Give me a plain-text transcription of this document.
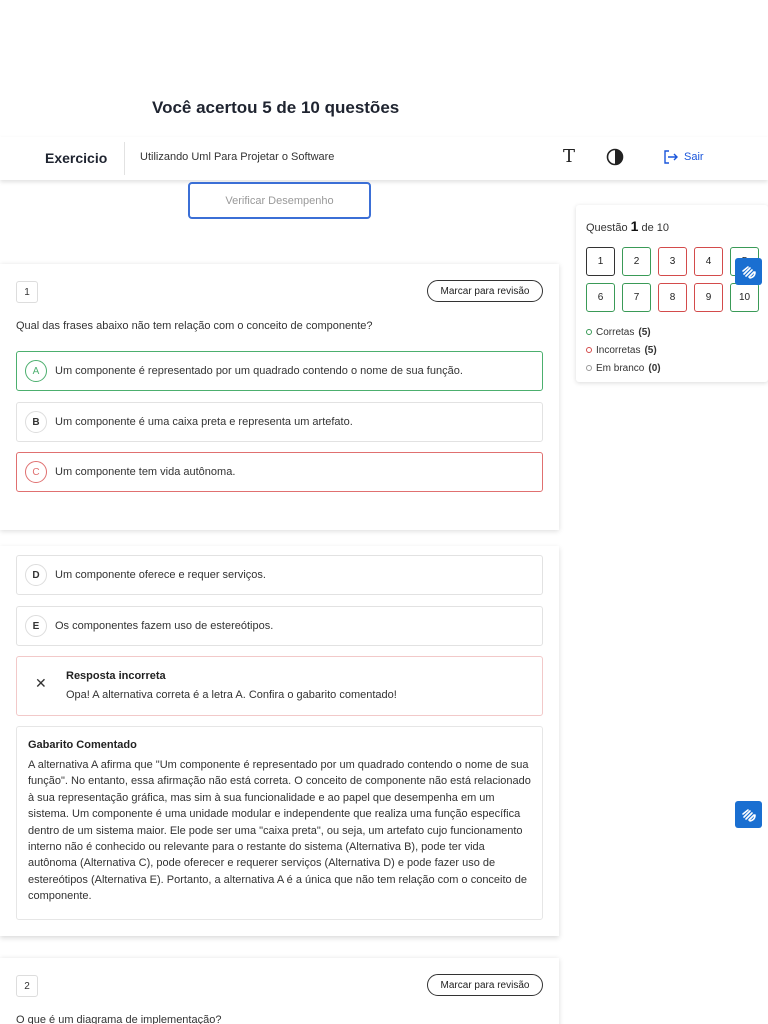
Você acertou 5 de 10 questões
Exercicio	Utilizando Uml Para Projetar o Software	T	Sair
Verificar Desempenho
Questão 1 de 10
1	2	3	4
6	7	8	9	10
Corretas (5)
Incorretas (5)
Em branco (0)
1	Marcar para revisão
Qual das frases abaixo não tem relação com o conceito de componente?
A	Um componente é representado por um quadrado contendo o nome de sua função.
B	Um componente é uma caixa preta e representa um artefato.
C	Um componente tem vida autônoma.
D	Um componente oferece e requer serviços.
E	Os componentes fazem uso de estereótipos.
✕ Resposta incorreta
Opa! A alternativa correta é a letra A. Confira o gabarito comentado!
Gabarito Comentado
A alternativa A afirma que "Um componente é representado por um quadrado contendo o nome de sua função". No entanto, essa afirmação não está correta. O conceito de componente não está relacionado à sua representação gráfica, mas sim à sua funcionalidade e ao papel que desempenha em um sistema. Um componente é uma unidade modular e independente que realiza uma função específica dentro de um sistema maior. Ele pode ser uma "caixa preta", ou seja, um artefato cujo funcionamento interno não é conhecido ou relevante para o restante do sistema (Alternativa B), pode ter vida autônoma (Alternativa C), pode oferecer e requerer serviços (Alternativa D) e pode fazer uso de estereótipos (Alternativa E). Portanto, a alternativa A é a única que não tem relação com o conceito de componente.
2	Marcar para revisão
O que é um diagrama de implementação?
